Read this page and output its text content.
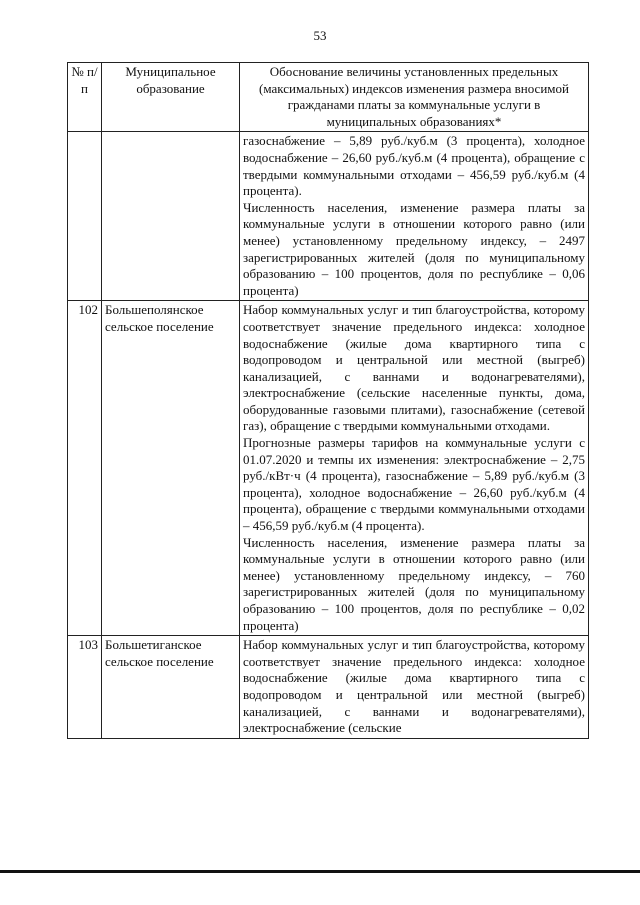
53
№ п/п	Муниципальное образование	Обоснование величины установленных предельных (максимальных) индексов изменения размера вносимой гражданами платы за коммунальные услуги в муниципальных образованиях*

		газоснабжение – 5,89 руб./куб.м (3 процента), холодное водоснабжение – 26,60 руб./куб.м (4 процента), обращение с твердыми коммунальными отходами – 456,59 руб./куб.м (4 процента).

Численность населения, изменение размера платы за коммунальные услуги в отношении которого равно (или менее) установленному предельному индексу, – 2497 зарегистрированных жителей (доля по муниципальному образованию – 100 процентов, доля по республике – 0,06 процента)

102	Большеполянское сельское поселение	Набор коммунальных услуг и тип благоустройства, которому соответствует значение предельного индекса: холодное водоснабжение (жилые дома квартирного типа с водопроводом и центральной или местной (выгреб) канализацией, с ваннами и водонагревателями), электроснабжение (сельские населенные пункты, дома, оборудованные газовыми плитами), газоснабжение (сетевой газ), обращение с твердыми коммунальными отходами.

Прогнозные размеры тарифов на коммунальные услуги с 01.07.2020 и темпы их изменения: электроснабжение – 2,75 руб./кВт·ч (4 процента), газоснабжение – 5,89 руб./куб.м (3 процента), холодное водоснабжение – 26,60 руб./куб.м (4 процента), обращение с твердыми коммунальными отходами – 456,59 руб./куб.м (4 процента).

Численность населения, изменение размера платы за коммунальные услуги в отношении которого равно (или менее) установленному предельному индексу, – 760 зарегистрированных жителей (доля по муниципальному образованию – 100 процентов, доля по республике – 0,02 процента)

103	Большетиганское сельское поселение	Набор коммунальных услуг и тип благоустройства, которому соответствует значение предельного индекса: холодное водоснабжение (жилые дома квартирного типа с водопроводом и центральной или местной (выгреб) канализацией, с ваннами и водонагревателями), электроснабжение (сельские
